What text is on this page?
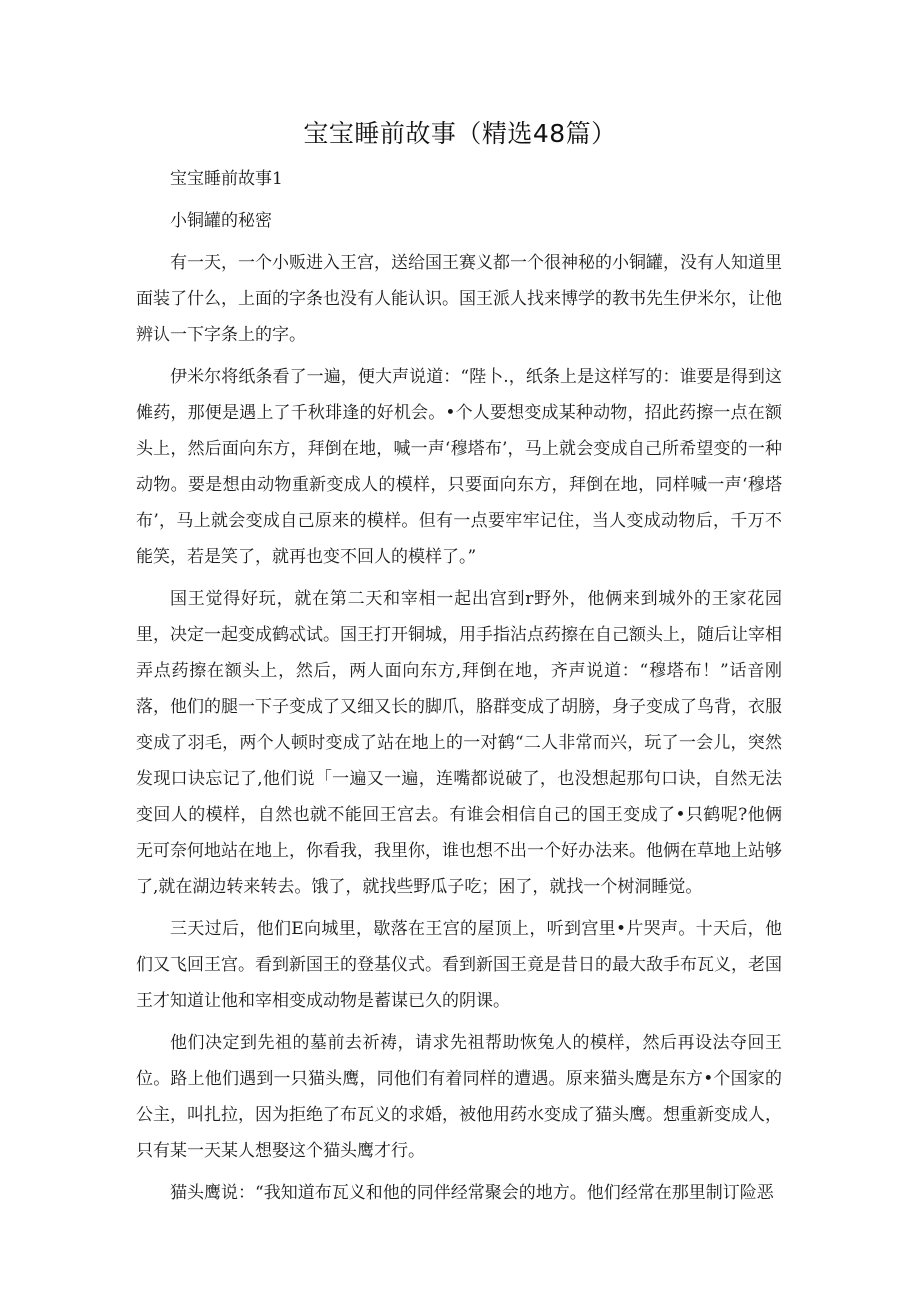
宝宝睡前故事（精选48篇）

宝宝睡前故事1

小铜罐的秘密

有一天，一个小贩进入王宫，送给国王赛义都一个很神秘的小铜罐，没有人知道里面装了什么，上面的字条也没有人能认识。国王派人找来博学的教书先生伊米尔，让他辨认一下字条上的字。

伊米尔将纸条看了一遍，便大声说道：“陛卜.，纸条上是这样写的：谁要是得到这傩药，那便是遇上了千秋琲逢的好机会。•个人要想变成某种动物，招此药擦一点在额头上，然后面向东方，拜倒在地，喊一声‘穆塔布’，马上就会变成自己所希望变的一种动物。要是想由动物重新变成人的模样，只要面向东方，拜倒在地，同样喊一声‘穆塔布’，马上就会变成自己原来的模样。但有一点要牢牢记住，当人变成动物后，千万不能笑，若是笑了，就再也变不回人的模样了。”

国王觉得好玩，就在第二天和宰相一起出宫到r野外，他俩来到城外的王家花园里，决定一起变成鹤忒试。国王打开铜城，用手指沾点药擦在自己额头上，随后让宰相弄点药擦在额头上，然后，两人面向东方,拜倒在地，齐声说道：“穆塔布！”话音刚落，他们的腿一下子变成了又细又长的脚爪，胳群变成了胡膀，身子变成了鸟背，衣服变成了羽毛，两个人顿时变成了站在地上的一对鹤“二人非常而兴，玩了一会儿，突然发现口诀忘记了,他们说「一遍又一遍，连嘴都说破了，也没想起那句口诀，自然无法变回人的模样，自然也就不能回王宫去。有谁会相信自己的国王变成了•只鹤呢?他俩无可奈何地站在地上，你看我，我里你，谁也想不出一个好办法来。他俩在草地上站够了,就在湖边转来转去。饿了，就找些野瓜子吃；困了，就找一个树洞睡觉。

三天过后，他们E向城里，歇落在王宫的屋顶上，听到宫里•片哭声。十天后，他们又飞回王宫。看到新国王的登基仪式。看到新国王竟是昔日的最大敌手布瓦义，老国王才知道让他和宰相变成动物是蓄谋已久的阴课。

他们决定到先祖的墓前去祈祷，请求先祖帮助恢兔人的模样，然后再设法夺回王位。路上他们遇到一只猫头鹰，同他们有着同样的遭遇。原来猫头鹰是东方•个国家的公主，叫扎拉，因为拒绝了布瓦义的求婚，被他用药水变成了猫头鹰。想重新变成人，只有某一天某人想娶这个猫头鹰才行。

猫头鹰说：“我知道布瓦义和他的同伴经常聚会的地方。他们经常在那里制订险恶
